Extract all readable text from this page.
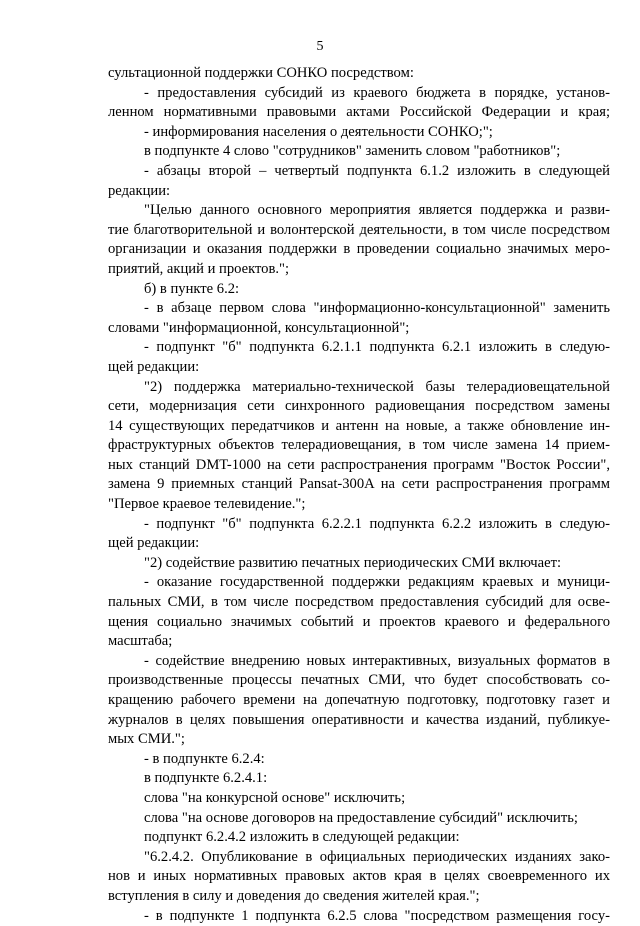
5
сультационной поддержки СОНКО посредством:
- предоставления субсидий из краевого бюджета в порядке, установ-
ленном нормативными правовыми актами Российской Федерации и края;
- информирования населения о деятельности СОНКО;";
в подпункте 4 слово "сотрудников" заменить словом "работников";
- абзацы второй – четвертый подпункта 6.1.2 изложить в следующей
редакции:
"Целью данного основного мероприятия является поддержка и разви-
тие благотворительной и волонтерской деятельности, в том числе посредством
организации и оказания поддержки в проведении социально значимых меро-
приятий, акций и проектов.";
б) в пункте 6.2:
- в абзаце первом слова "информационно-консультационной" заменить
словами "информационной, консультационной";
- подпункт "б" подпункта 6.2.1.1 подпункта 6.2.1 изложить в следую-
щей редакции:
"2) поддержка материально-технической базы телерадиовещательной
сети, модернизация сети синхронного радиовещания посредством замены
14 существующих передатчиков и антенн на новые, а также обновление ин-
фраструктурных объектов телерадиовещания, в том числе замена 14 прием-
ных станций DMT-1000 на сети распространения программ "Восток России",
замена 9 приемных станций Pansat-300A на сети распространения программ
"Первое краевое телевидение.";
- подпункт "б" подпункта 6.2.2.1 подпункта 6.2.2 изложить в следую-
щей редакции:
"2) содействие развитию печатных периодических СМИ включает:
- оказание государственной поддержки редакциям краевых и муници-
пальных СМИ, в том числе посредством предоставления субсидий для осве-
щения социально значимых событий и проектов краевого и федерального
масштаба;
- содействие внедрению новых интерактивных, визуальных форматов в
производственные процессы печатных СМИ, что будет способствовать со-
кращению рабочего времени на допечатную подготовку, подготовку газет и
журналов в целях повышения оперативности и качества изданий, публикуе-
мых СМИ.";
- в подпункте 6.2.4:
в подпункте 6.2.4.1:
слова "на конкурсной основе" исключить;
слова "на основе договоров на предоставление субсидий" исключить;
подпункт 6.2.4.2 изложить в следующей редакции:
"6.2.4.2. Опубликование в официальных периодических изданиях зако-
нов и иных нормативных правовых актов края в целях своевременного их
вступления в силу и доведения до сведения жителей края.";
- в подпункте 1 подпункта 6.2.5 слова "посредством размещения госу-
